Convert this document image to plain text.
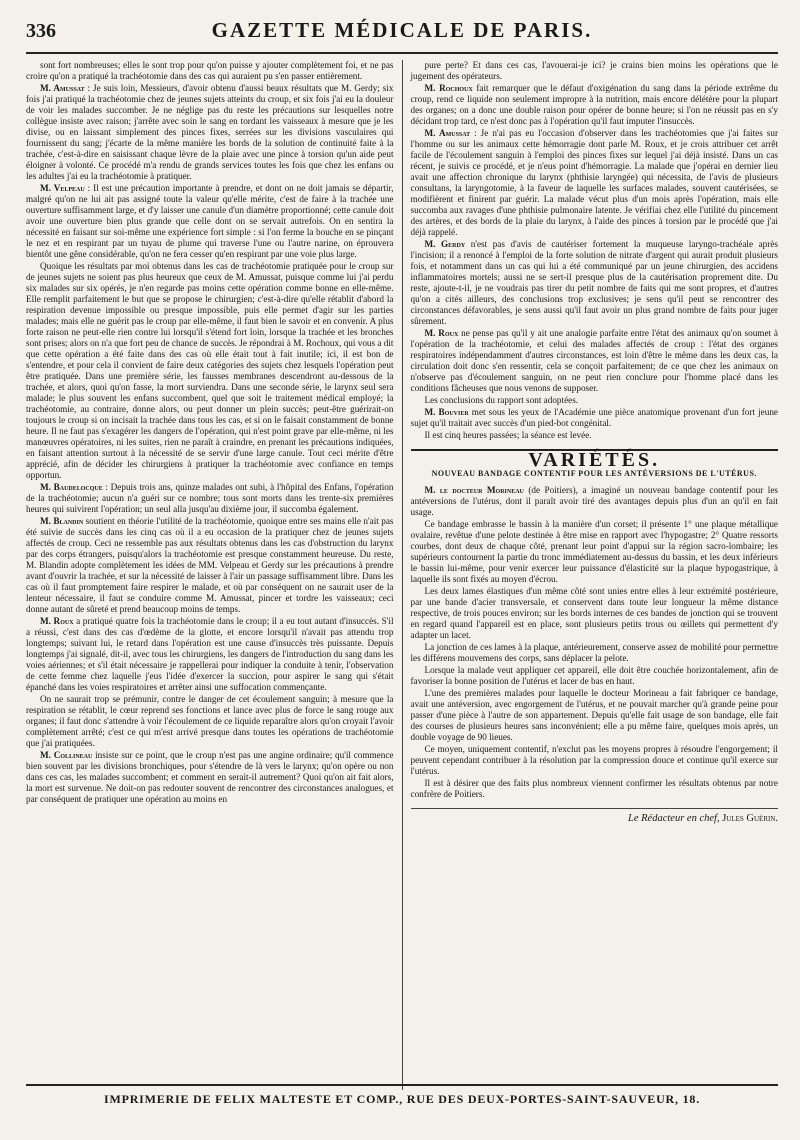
336	GAZETTE MÉDICALE DE PARIS.

sont fort nombreuses; elles le sont trop pour qu'on puisse y ajouter complètement foi, et ne pas croire qu'on a pratiqué la trachéotomie dans des cas qui auraient pu s'en passer entièrement.

M. Amussat : Je suis loin, Messieurs, d'avoir obtenu d'aussi beaux résultats que M. Gerdy; six fois j'ai pratiqué la trachéotomie chez de jeunes sujets atteints du croup, et six fois j'ai eu la douleur de voir les malades succomber. Je ne néglige pas du reste les précautions sur lesquelles notre collègue insiste avec raison; j'arrête avec soin le sang en tordant les vaisseaux à mesure que je les divise, ou en laissant simplement des pinces fixes, serrées sur les divisions vasculaires qui fournissent du sang; j'écarte de la même manière les bords de la solution de continuité faite à la trachée, c'est-à-dire en saisissant chaque lèvre de la plaie avec une pince à torsion qu'un aide peut éloigner à volonté. Ce procédé m'a rendu de grands services toutes les fois que chez les enfans ou les adultes j'ai eu la trachéotomie à pratiquer.

M. Velpeau : Il est une précaution importante à prendre, et dont on ne doit jamais se départir, malgré qu'on ne lui ait pas assigné toute la valeur qu'elle mérite, c'est de faire à la trachée une ouverture suffisamment large, et d'y laisser une canule d'un diamètre proportionné; cette canule doit avoir une ouverture bien plus grande que celle dont on se servait autrefois. On en sentira la nécessité en faisant sur soi-même une expérience fort simple : si l'on ferme la bouche en se pinçant le nez et en respirant par un tuyau de plume qui traverse l'une ou l'autre narine, on éprouvera bientôt une gêne considérable, qu'on ne fera cesser qu'en respirant par une voie plus large.

Quoique les résultats par moi obtenus dans les cas de trachéotomie pratiquée pour le croup sur de jeunes sujets ne soient pas plus heureux que ceux de M. Amussat, puisque comme lui j'ai perdu six malades sur six opérés, je n'en regarde pas moins cette opération comme bonne en elle-même. Elle remplit parfaitement le but que se propose le chirurgien; c'est-à-dire qu'elle rétablit d'abord la respiration devenue impossible ou presque impossible, puis elle permet d'agir sur les parties malades; mais elle ne guérit pas le croup par elle-même, il faut bien le savoir et en convenir. A plus forte raison ne peut-elle rien contre lui lorsqu'il s'étend fort loin, lorsque la trachée et les bronches sont prises; alors on n'a que fort peu de chance de succès. Je répondrai à M. Rochoux, qui vous a dit que cette opération a été faite dans des cas où elle était tout à fait inutile; ici, il est bon de s'entendre, et pour cela il convient de faire deux catégories des sujets chez lesquels l'opération peut être pratiquée. Dans une première série, les fausses membranes descendront au-dessous de la trachée, et alors, quoi qu'on fasse, la mort surviendra. Dans une seconde série, le larynx seul sera malade; le plus souvent les enfans succombent, quel que soit le traitement médical employé; la trachéotomie, au contraire, donne alors, ou peut donner un plein succès; peut-être guérirait-on toujours le croup si on incisait la trachée dans tous les cas, et si on le faisait constamment de bonne heure. Il ne faut pas s'exagérer les dangers de l'opération, qui n'est point grave par elle-même, ni les manœuvres opératoires, ni les suites, rien ne paraît à craindre, en prenant les précautions indiquées, en faisant attention surtout à la nécessité de se servir d'une large canule. Tout ceci mérite d'être apprécié, afin de décider les chirurgiens à pratiquer la trachéotomie avec confiance en temps opportun.

M. Baudelocque : Depuis trois ans, quinze malades ont subi, à l'hôpital des Enfans, l'opération de la trachéotomie; aucun n'a guéri sur ce nombre; tous sont morts dans les trente-six premières heures qui suivirent l'opération; un seul alla jusqu'au dixième jour, il succomba également.

M. Blandin soutient en théorie l'utilité de la trachéotomie, quoique entre ses mains elle n'ait pas été suivie de succès dans les cinq cas où il a eu occasion de la pratiquer chez de jeunes sujets affectés de croup. Ceci ne ressemble pas aux résultats obtenus dans les cas d'obstruction du larynx par des corps étrangers, puisqu'alors la trachéotomie est presque constamment heureuse. Du reste, M. Blandin adopte complètement les idées de MM. Velpeau et Gerdy sur les précautions à prendre avant d'ouvrir la trachée, et sur la nécessité de laisser à l'air un passage suffisamment libre. Dans les cas où il faut promptement faire respirer le malade, et où par conséquent on ne saurait user de la lenteur nécessaire, il faut se conduire comme M. Amussat, pincer et tordre les vaisseaux; ceci donne autant de sûreté et prend beaucoup moins de temps.

M. Roux a pratiqué quatre fois la trachéotomie dans le croup; il a eu tout autant d'insuccès. S'il a réussi, c'est dans des cas d'œdème de la glotte, et encore lorsqu'il n'avait pas attendu trop longtemps; suivant lui, le retard dans l'opération est une cause d'insuccès très puissante. Depuis longtemps j'ai signalé, dit-il, avec tous les chirurgiens, les dangers de l'introduction du sang dans les voies aériennes; et s'il était nécessaire je rappellerai pour indiquer la conduite à tenir, l'observation de cette femme chez laquelle j'eus l'idée d'exercer la succion, pour aspirer le sang qui s'était épanché dans les voies respiratoires et arrêter ainsi une suffocation commençante.

On ne saurait trop se prémunir, contre le danger de cet écoulement sanguin; à mesure que la respiration se rétablit, le cœur reprend ses fonctions et lance avec plus de force le sang rouge aux organes; il faut donc s'attendre à voir l'écoulement de ce liquide reparaître alors qu'on croyait l'avoir complètement arrêté; c'est ce qui m'est arrivé presque dans toutes les opérations de trachéotomie que j'ai pratiquées.

M. Collineau insiste sur ce point, que le croup n'est pas une angine ordinaire; qu'il commence bien souvent par les divisions bronchiques, pour s'étendre de là vers le larynx; qu'on opère ou non dans ces cas, les malades succombent; et comment en serait-il autrement? Quoi qu'on ait fait alors, la mort est survenue. Ne doit-on pas redouter souvent de rencontrer des circonstances analogues, et par conséquent de pratiquer une opération au moins en

pure perte? Et dans ces cas, l'avouerai-je ici? je crains bien moins les opérations que le jugement des opérateurs.

M. Rochoux fait remarquer que le défaut d'oxigénation du sang dans la période extrême du croup, rend ce liquide non seulement impropre à la nutrition, mais encore délétère pour la plupart des organes; on a donc une double raison pour opérer de bonne heure; si l'on ne réussit pas en s'y décidant trop tard, ce n'est donc pas à l'opération qu'il faut imputer l'insuccès.

M. Amussat : Je n'ai pas eu l'occasion d'observer dans les trachéotomies que j'ai faites sur l'homme ou sur les animaux cette hémorragie dont parle M. Roux, et je crois attribuer cet arrêt facile de l'écoulement sanguin à l'emploi des pinces fixes sur lequel j'ai déjà insisté. Dans un cas récent, je suivis ce procédé, et je n'eus point d'hémorragie. La malade que j'opérai en dernier lieu avait une affection chronique du larynx (phthisie laryngée) qui nécessita, de l'avis de plusieurs consultans, la laryngotomie, à la faveur de laquelle les surfaces malades, souvent cautérisées, se modifièrent et finirent par guérir. La malade vécut plus d'un mois après l'opération, mais elle succomba aux ravages d'une phthisie pulmonaire latente. Je vérifiai chez elle l'utilité du pincement des artères, et des bords de la plaie du larynx, à l'aide des pinces à torsion par le procédé que j'ai déjà rappelé.

M. Gerdy n'est pas d'avis de cautériser fortement la muqueuse laryngo-trachéale après l'incision; il a renoncé à l'emploi de la forte solution de nitrate d'argent qui aurait produit plusieurs fois, et notamment dans un cas qui lui a été communiqué par un jeune chirurgien, des accidens inflammatoires mortels; aussi ne se sert-il presque plus de la cautérisation proprement dite. Du reste, ajoute-t-il, je ne voudrais pas tirer du petit nombre de faits qui me sont propres, et d'autres qu'on a cités ailleurs, des conclusions trop exclusives; je sens qu'il peut se rencontrer des circonstances défavorables, je sens aussi qu'il faut avoir un plus grand nombre de faits pour juger sûrement.

M. Roux ne pense pas qu'il y ait une analogie parfaite entre l'état des animaux qu'on soumet à l'opération de la trachéotomie, et celui des malades affectés de croup : l'état des organes respiratoires indépendamment d'autres circonstances, est loin d'être le même dans les deux cas, la circulation doit donc s'en ressentir, cela se conçoit parfaitement; de ce que chez les animaux on n'observe pas d'écoulement sanguin, on ne peut rien conclure pour l'homme placé dans les conditions fâcheuses que nous venons de supposer.

Les conclusions du rapport sont adoptées.

M. Bouvier met sous les yeux de l'Académie une pièce anatomique provenant d'un fort jeune sujet qu'il traitait avec succès d'un pied-bot congénital.

Il est cinq heures passées; la séance est levée.

VARIÉTÉS.
NOUVEAU BANDAGE CONTENTIF POUR LES ANTÉVERSIONS DE L'UTÉRUS.

M. le docteur Morineau (de Poitiers), a imaginé un nouveau bandage contentif pour les antéversions de l'utérus, dont il paraît avoir tiré des avantages depuis plus d'un an qu'il en fait usage.

Ce bandage embrasse le bassin à la manière d'un corset; il présente 1° une plaque métallique ovalaire, revêtue d'une pelote destinée à être mise en rapport avec l'hypogastre; 2° Quatre ressorts courbes, dont deux de chaque côté, prenant leur point d'appui sur la région sacro-lombaire; les supérieurs contournent la partie du tronc immédiatement au-dessus du bassin, et les deux inférieurs le bassin lui-même, pour venir exercer leur puissance d'élasticité sur la plaque hypogastrique, à laquelle ils sont fixés au moyen d'écrou.

Les deux lames élastiques d'un même côté sont unies entre elles à leur extrémité postérieure, par une bande d'acier transversale, et conservent dans toute leur longueur la même distance respective, de trois pouces environ; sur les bords internes de ces bandes de jonction qui se trouvent en regard quand l'appareil est en place, sont plusieurs petits trous ou œillets qui permettent d'y adapter un lacet.

La jonction de ces lames à la plaque, antérieurement, conserve assez de mobilité pour permettre les différens mouvemens des corps, sans déplacer la pelote.

Lorsque la malade veut appliquer cet appareil, elle doit être couchée horizontalement, afin de favoriser la bonne position de l'utérus et lacer de bas en haut.

L'une des premières malades pour laquelle le docteur Morineau a fait fabriquer ce bandage, avait une antéversion, avec engorgement de l'utérus, et ne pouvait marcher qu'à grande peine pour passer d'une pièce à l'autre de son appartement. Depuis qu'elle fait usage de son bandage, elle fait des courses de plusieurs heures sans inconvénient; elle a pu même faire, quelques mois après, un double voyage de 90 lieues.

Ce moyen, uniquement contentif, n'exclut pas les moyens propres à résoudre l'engorgement; il peuvent cependant contribuer à la résolution par la compression douce et continue qu'il exerce sur l'utérus.

Il est à désirer que des faits plus nombreux viennent confirmer les résultats obtenus par notre confrère de Poitiers.

Le Rédacteur en chef, Jules Guérin.
IMPRIMERIE DE FELIX MALTESTE ET COMP., RUE DES DEUX-PORTES-SAINT-SAUVEUR, 18.
